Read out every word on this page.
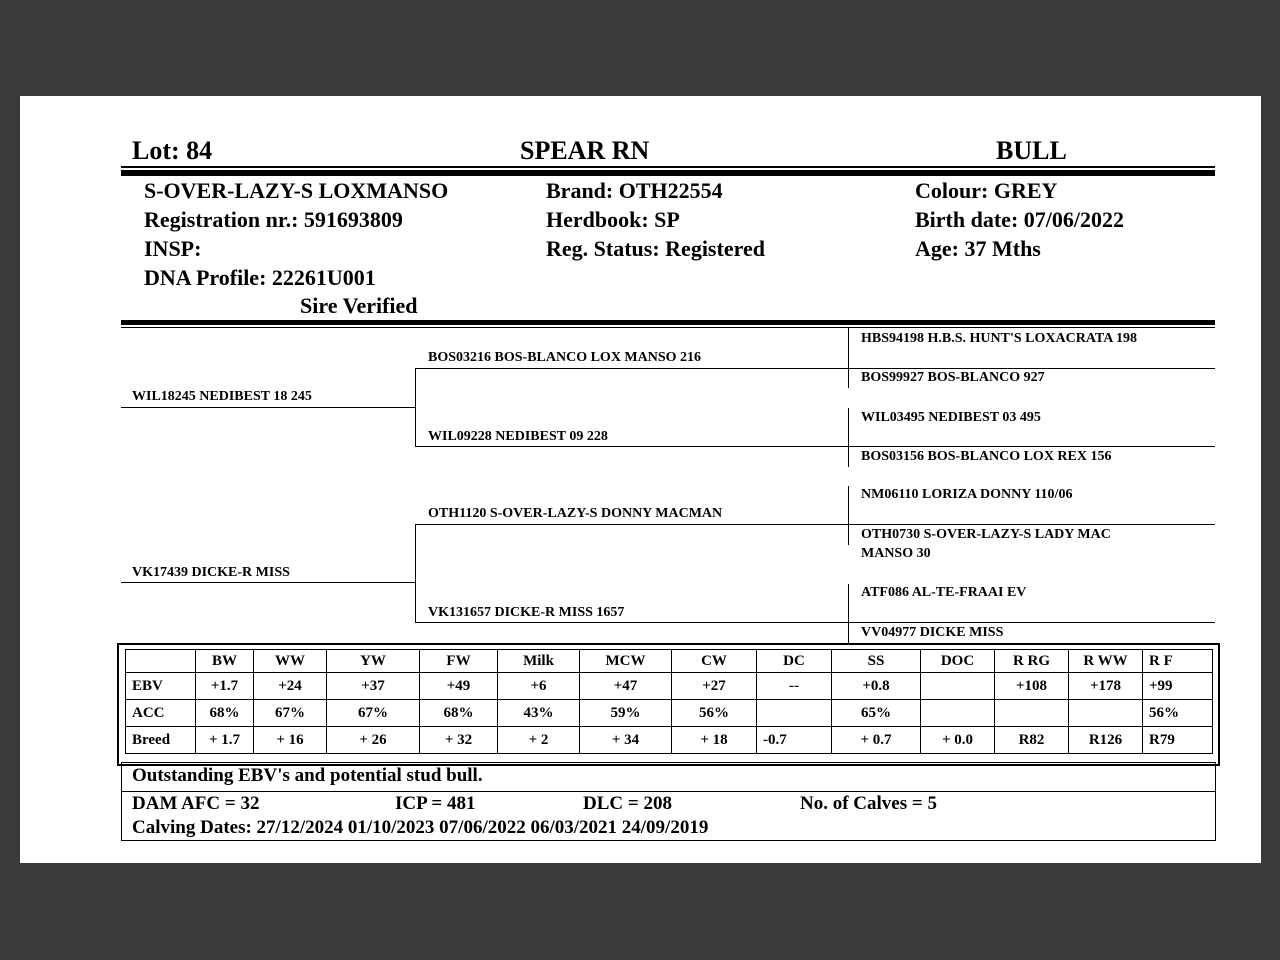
Lot: 84	SPEAR RN	BULL
S-OVER-LAZY-S LOXMANSO
Registration nr.: 591693809
INSP:
DNA Profile: 22261U001
Sire Verified
Brand: OTH22554
Herdbook: SP
Reg. Status: Registered
Colour: GREY
Birth date: 07/06/2022
Age: 37 Mths
WIL18245 NEDIBEST 18 245
VK17439 DICKE-R MISS
BOS03216 BOS-BLANCO LOX MANSO 216
WIL09228 NEDIBEST 09 228
OTH1120 S-OVER-LAZY-S DONNY MACMAN
VK131657 DICKE-R MISS 1657
HBS94198 H.B.S. HUNT'S LOXACRATA 198
BOS99927 BOS-BLANCO 927
WIL03495 NEDIBEST 03 495
BOS03156 BOS-BLANCO LOX REX 156
NM06110 LORIZA DONNY 110/06
OTH0730 S-OVER-LAZY-S LADY MAC
MANSO 30
ATF086 AL-TE-FRAAI EV
VV04977 DICKE MISS
	BW	WW	YW	FW	Milk	MCW	CW	DC	SS	DOC	R RG	R WW	R F
EBV	+1.7	+24	+37	+49	+6	+47	+27	--	+0.8		+108	+178	+99
ACC	68%	67%	67%	68%	43%	59%	56%		65%				56%
Breed	+ 1.7	+ 16	+ 26	+ 32	+ 2	+ 34	+ 18	-0.7	+ 0.7	+ 0.0	R82	R126	R79
Outstanding EBV's and potential stud bull.
DAM AFC = 32	ICP = 481	DLC = 208	No. of Calves = 5
Calving Dates: 27/12/2024 01/10/2023 07/06/2022 06/03/2021 24/09/2019
